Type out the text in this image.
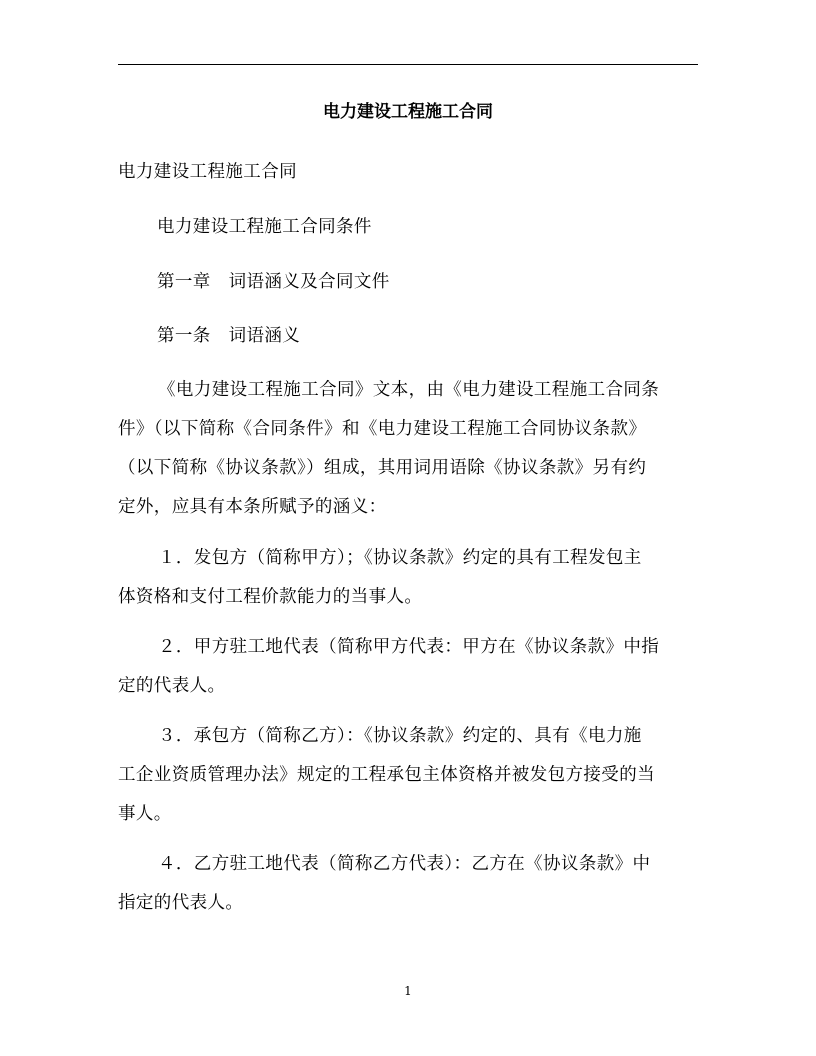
电力建设工程施工合同

电力建设工程施工合同

电力建设工程施工合同条件

第一章　词语涵义及合同文件

第一条　词语涵义

《电力建设工程施工合同》文本，由《电力建设工程施工合同条
件》（以下简称《合同条件》和《电力建设工程施工合同协议条款》
（以下简称《协议条款》）组成，其用词用语除《协议条款》另有约
定外，应具有本条所赋予的涵义：

１．发包方（简称甲方）；《协议条款》约定的具有工程发包主
体资格和支付工程价款能力的当事人。

２．甲方驻工地代表（简称甲方代表：甲方在《协议条款》中指
定的代表人。

３．承包方（简称乙方）：《协议条款》约定的、具有《电力施
工企业资质管理办法》规定的工程承包主体资格并被发包方接受的当
事人。

４．乙方驻工地代表（简称乙方代表）：乙方在《协议条款》中
指定的代表人。

1
